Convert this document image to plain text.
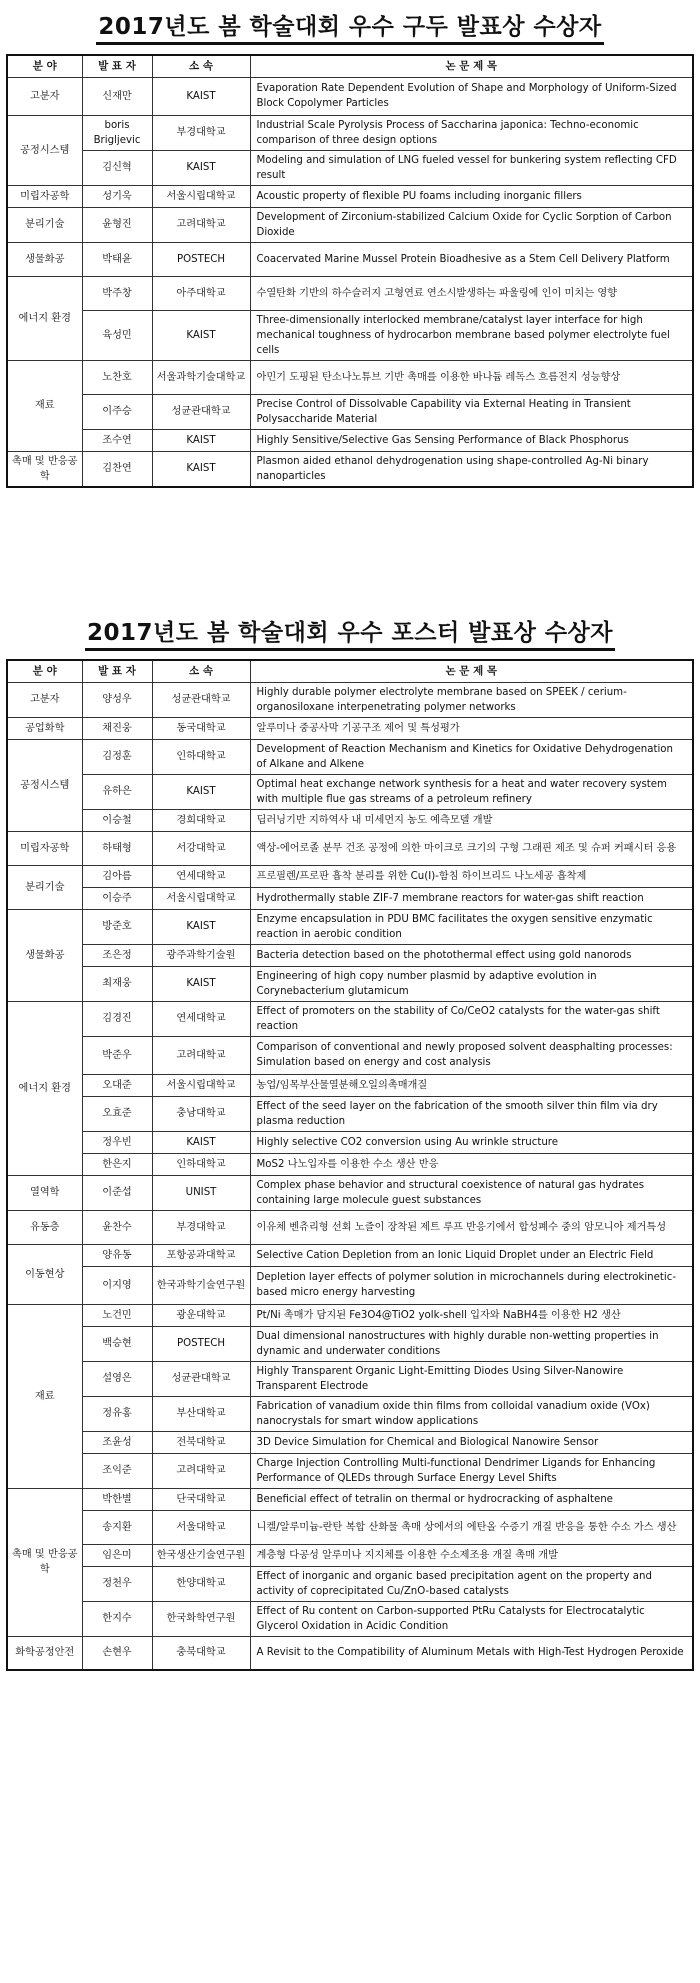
2017년도 봄 학술대회 우수 구두 발표상 수상자
분 야	발 표 자	소 속	논 문 제 목
고분자	신재만	KAIST	Evaporation Rate Dependent Evolution of Shape and Morphology of Uniform-Sized Block Copolymer Particles
공정시스템	boris Brigljevic	부경대학교	Industrial Scale Pyrolysis Process of Saccharina japonica: Techno-economic comparison of three design options
	김신혁	KAIST	Modeling and simulation of LNG fueled vessel for bunkering system reflecting CFD result
미립자공학	성기욱	서울시립대학교	Acoustic property of flexible PU foams including inorganic fillers
분리기술	윤형진	고려대학교	Development of Zirconium-stabilized Calcium Oxide for Cyclic Sorption of Carbon Dioxide
생물화공	박태윤	POSTECH	Coacervated Marine Mussel Protein Bioadhesive as a Stem Cell Delivery Platform
에너지 환경	박주창	아주대학교	수열탄화 기반의 하수슬러지 고형연료 연소시발생하는 파울링에 인이 미치는 영향
	육성민	KAIST	Three-dimensionally interlocked membrane/catalyst layer interface for high mechanical toughness of hydrocarbon membrane based polymer electrolyte fuel cells
재료	노찬호	서울과학기술대학교	아민기 도핑된 탄소나노튜브 기반 촉매를 이용한 바나듐 레독스 흐름전지 성능향상
	이주승	성균관대학교	Precise Control of Dissolvable Capability via External Heating in Transient Polysaccharide Material
	조수연	KAIST	Highly Sensitive/Selective Gas Sensing Performance of Black Phosphorus
촉매 및 반응공학	김찬연	KAIST	Plasmon aided ethanol dehydrogenation using shape-controlled Ag-Ni binary nanoparticles
2017년도 봄 학술대회 우수 포스터 발표상 수상자
분 야	발 표 자	소 속	논 문 제 목
고분자	양성우	성균관대학교	Highly durable polymer electrolyte membrane based on SPEEK / cerium-organosiloxane interpenetrating polymer networks
공업화학	채진웅	동국대학교	알루미나 중공사막 기공구조 제어 및 특성평가
공정시스템	김정훈	인하대학교	Development of Reaction Mechanism and Kinetics for Oxidative Dehydrogenation of Alkane and Alkene
	유하은	KAIST	Optimal heat exchange network synthesis for a heat and water recovery system with multiple flue gas streams of a petroleum refinery
	이승철	경희대학교	딥러닝기반 지하역사 내 미세먼지 농도 예측모델 개발
미립자공학	하태형	서강대학교	액상-에어로졸 분무 건조 공정에 의한 마이크로 크기의 구형 그래핀 제조 및 슈퍼 커패시터 응용
분리기술	김아름	연세대학교	프로필렌/프로판 흡착 분리를 위한 Cu(I)-함침 하이브리드 나노세공 흡착제
	이승주	서울시립대학교	Hydrothermally stable ZIF-7 membrane reactors for water-gas shift reaction
생물화공	방준호	KAIST	Enzyme encapsulation in PDU BMC facilitates the oxygen sensitive enzymatic reaction in aerobic condition
	조은정	광주과학기술원	Bacteria detection based on the photothermal effect using gold nanorods
	최재웅	KAIST	Engineering of high copy number plasmid by adaptive evolution in Corynebacterium glutamicum
에너지 환경	김경진	연세대학교	Effect of promoters on the stability of Co/CeO2 catalysts for the water-gas shift reaction
	박준우	고려대학교	Comparison of conventional and newly proposed solvent deasphalting processes: Simulation based on energy and cost analysis
	오대준	서울시립대학교	농업/임목부산물열분해오일의촉매개질
	오효준	충남대학교	Effect of the seed layer on the fabrication of the smooth silver thin film via dry plasma reduction
	정우빈	KAIST	Highly selective CO2 conversion using Au wrinkle structure
	한은지	인하대학교	MoS2 나노입자를 이용한 수소 생산 반응
열역학	이준섭	UNIST	Complex phase behavior and structural coexistence of natural gas hydrates containing large molecule guest substances
유동층	윤찬수	부경대학교	이유체 벤츄리형 선회 노즐이 장착된 제트 루프 반응기에서 합성폐수 중의 암모니아 제거특성
이동현상	양유동	포항공과대학교	Selective Cation Depletion from an Ionic Liquid Droplet under an Electric Field
	이지영	한국과학기술연구원	Depletion layer effects of polymer solution in microchannels during electrokinetic-based micro energy harvesting
재료	노건민	광운대학교	Pt/Ni 촉매가 담지된 Fe3O4@TiO2 yolk-shell 입자와 NaBH4를 이용한 H2 생산
	백승현	POSTECH	Dual dimensional nanostructures with highly durable non-wetting properties in dynamic and underwater conditions
	설영은	성균관대학교	Highly Transparent Organic Light-Emitting Diodes Using Silver-Nanowire Transparent Electrode
	정유홍	부산대학교	Fabrication of vanadium oxide thin films from colloidal vanadium oxide (VOx) nanocrystals for smart window applications
	조윤성	전북대학교	3D Device Simulation for Chemical and Biological Nanowire Sensor
	조익준	고려대학교	Charge Injection Controlling Multi-functional Dendrimer Ligands for Enhancing Performance of QLEDs through Surface Energy Level Shifts
촉매 및 반응공학	박한별	단국대학교	Beneficial effect of tetralin on thermal or hydrocracking of asphaltene
	송지환	서울대학교	니켈/알루미늄-란탄 복합 산화물 촉매 상에서의 에탄올 수증기 개질 반응을 통한 수소 가스 생산
	임은미	한국생산기술연구원	계층형 다공성 알루미나 지지체를 이용한 수소제조용 개질 촉매 개발
	정천우	한양대학교	Effect of inorganic and organic based precipitation agent on the property and activity of coprecipitated Cu/ZnO-based catalysts
	한지수	한국화학연구원	Effect of Ru content on Carbon-supported PtRu Catalysts for Electrocatalytic Glycerol Oxidation in Acidic Condition
화학공정안전	손현우	충북대학교	A Revisit to the Compatibility of Aluminum Metals with High-Test Hydrogen Peroxide
